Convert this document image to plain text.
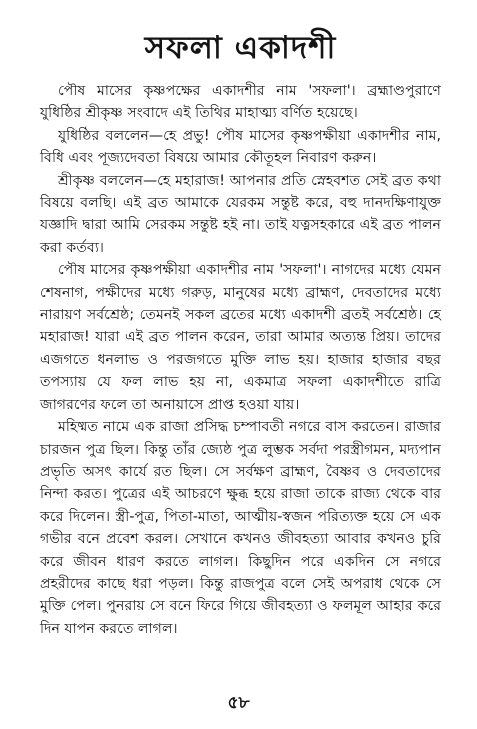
সফলা একাদশী

পৌষ মাসের কৃষ্ণপক্ষের একাদশীর নাম 'সফলা'। ব্রহ্মাণ্ডপুরাণে যুধিষ্ঠির শ্রীকৃষ্ণ সংবাদে এই তিথির মাহাত্ম্য বর্ণিত হয়েছে।

যুধিষ্ঠির বললেন—হে প্রভু! পৌষ মাসের কৃষ্ণপক্ষীয়া একাদশীর নাম, বিধি এবং পূজ্যদেবতা বিষয়ে আমার কৌতূহল নিবারণ করুন।

শ্রীকৃষ্ণ বললেন—হে মহারাজ! আপনার প্রতি স্নেহবশত সেই ব্রত কথা বিষয়ে বলছি। এই ব্রত আমাকে যেরকম সন্তুষ্ট করে, বহু দানদক্ষিণাযুক্ত যজ্ঞাদি দ্বারা আমি সেরকম সন্তুষ্ট হই না। তাই যত্নসহকারে এই ব্রত পালন করা কর্তব্য।

পৌষ মাসের কৃষ্ণপক্ষীয়া একাদশীর নাম 'সফলা'। নাগদের মধ্যে যেমন শেষনাগ, পক্ষীদের মধ্যে গরুড়, মানুষের মধ্যে ব্রাহ্মণ, দেবতাদের মধ্যে নারায়ণ সর্বশ্রেষ্ঠ; তেমনই সকল ব্রতের মধ্যে একাদশী ব্রতই সর্বশ্রেষ্ঠ। হে মহারাজ! যারা এই ব্রত পালন করেন, তারা আমার অত্যন্ত প্রিয়। তাদের এজগতে ধনলাভ ও পরজগতে মুক্তি লাভ হয়। হাজার হাজার বছর তপস্যায় যে ফল লাভ হয় না, একমাত্র সফলা একাদশীতে রাত্রি জাগরণের ফলে তা অনায়াসে প্রাপ্ত হওয়া যায়।

মহিষ্মত নামে এক রাজা প্রসিদ্ধ চম্পাবতী নগরে বাস করতেন। রাজার চারজন পুত্র ছিল। কিন্তু তাঁর জ্যেষ্ঠ পুত্র লুম্ভক সর্বদা পরস্ত্রীগমন, মদ্যপান প্রভৃতি অসৎ কার্যে রত ছিল। সে সর্বক্ষণ ব্রাহ্মণ, বৈষ্ণব ও দেবতাদের নিন্দা করত। পুত্রের এই আচরণে ক্ষুব্ধ হয়ে রাজা তাকে রাজ্য থেকে বার করে দিলেন। স্ত্রী-পুত্র, পিতা-মাতা, আত্মীয়-স্বজন পরিত্যক্ত হয়ে সে এক গভীর বনে প্রবেশ করল। সেখানে কখনও জীবহত্যা আবার কখনও চুরি করে জীবন ধারণ করতে লাগল। কিছুদিন পরে একদিন সে নগরে প্রহরীদের কাছে ধরা পড়ল। কিন্তু রাজপুত্র বলে সেই অপরাধ থেকে সে মুক্তি পেল। পুনরায় সে বনে ফিরে গিয়ে জীবহত্যা ও ফলমূল আহার করে দিন যাপন করতে লাগল।

৫৮
